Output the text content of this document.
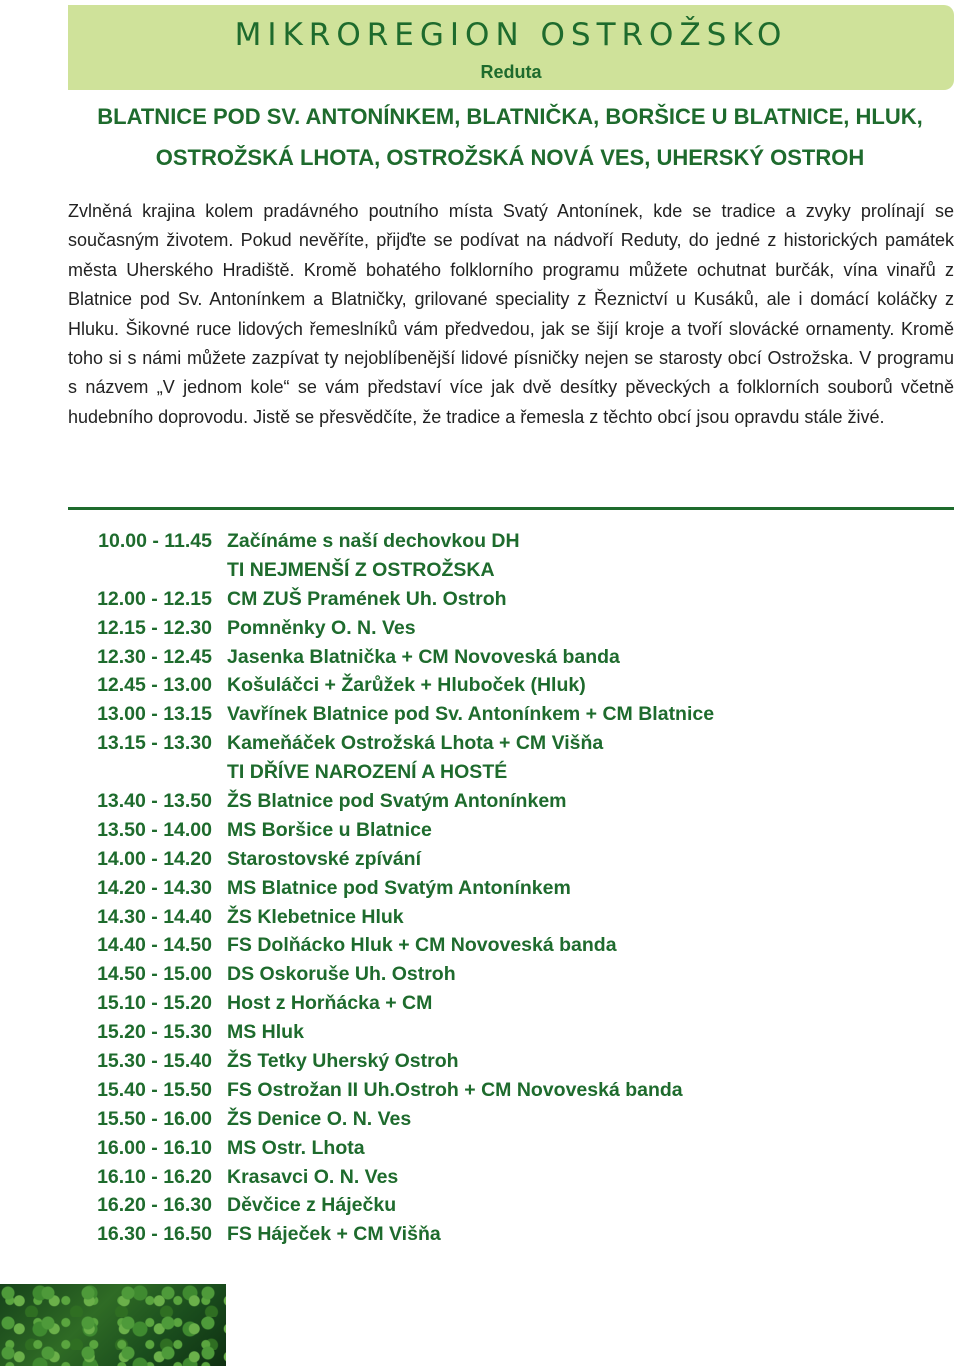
MIKROREGION OSTROŽSKO
Reduta
BLATNICE POD SV. ANTONÍNKEM, BLATNIČKA, BORŠICE U BLATNICE, HLUK,
OSTROŽSKÁ LHOTA, OSTROŽSKÁ NOVÁ VES, UHERSKÝ OSTROH

Zvlněná krajina kolem pradávného poutního místa Svatý Antonínek, kde se tradice a zvyky prolínají se současným životem. Pokud nevěříte, přijďte se podívat na nádvoří Reduty, do jedné z historických památek města Uherského Hradiště. Kromě bohatého folklorního programu můžete ochutnat burčák, vína vinařů z Blatnice pod Sv. Antonínkem a Blatničky, grilované speciality z Řeznictví u Kusáků, ale i domácí koláčky z Hluku. Šikovné ruce lidových řemeslníků vám předvedou, jak se šijí kroje a tvoří slovácké ornamenty. Kromě toho si s námi můžete zazpívat ty nejoblíbenější lidové písničky nejen se starosty obcí Ostrožska. V programu s názvem „V jednom kole“ se vám představí více jak dvě desítky pěveckých a folklorních souborů včetně hudebního doprovodu. Jistě se přesvědčíte, že tradice a řemesla z těchto obcí jsou opravdu stále živé.

10.00 - 11.45 Začínáme s naší dechovkou DH
TI NEJMENŠÍ Z OSTROŽSKA
12.00 - 12.15 CM ZUŠ Pramének Uh. Ostroh
12.15 - 12.30 Pomněnky O. N. Ves
12.30 - 12.45 Jasenka Blatnička + CM Novoveská banda
12.45 - 13.00 Košuláčci + Žarůžek + Hluboček (Hluk)
13.00 - 13.15 Vavřínek Blatnice pod Sv. Antonínkem + CM Blatnice
13.15 - 13.30 Kameňáček Ostrožská Lhota + CM Višňa
TI DŘÍVE NAROZENÍ A HOSTÉ
13.40 - 13.50 ŽS Blatnice pod Svatým Antonínkem
13.50 - 14.00 MS Boršice u Blatnice
14.00 - 14.20 Starostovské zpívání
14.20 - 14.30 MS Blatnice pod Svatým Antonínkem
14.30 - 14.40 ŽS Klebetnice Hluk
14.40 - 14.50 FS Dolňácko Hluk + CM Novoveská banda
14.50 - 15.00 DS Oskoruše Uh. Ostroh
15.10 - 15.20 Host z Horňácka + CM
15.20 - 15.30 MS Hluk
15.30 - 15.40 ŽS Tetky Uherský Ostroh
15.40 - 15.50 FS Ostrožan II Uh.Ostroh + CM Novoveská banda
15.50 - 16.00 ŽS Denice O. N. Ves
16.00 - 16.10 MS Ostr. Lhota
16.10 - 16.20 Krasavci O. N. Ves
16.20 - 16.30 Děvčice z Háječku
16.30 - 16.50 FS Háječek + CM Višňa
